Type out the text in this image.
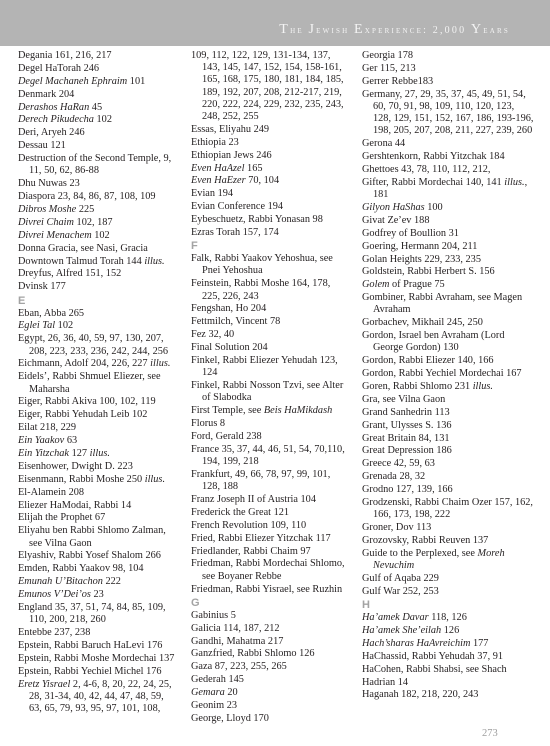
The Jewish Experience: 2,000 Years
Degania 161, 216, 217
Degel HaTorah 246
Degel Machaneh Ephraim 101
Denmark 204
Derashos HaRan 45
Derech Pikudecha 102
Deri, Aryeh 246
Dessau 121
Destruction of the Second Temple, 9, 11, 50, 62, 86-88
Dhu Nuwas 23
Diaspora 23, 84, 86, 87, 108, 109
Dibros Moshe 225
Divrei Chaim 102, 187
Divrei Menachem 102
Donna Gracia, see Nasi, Gracia
Downtown Talmud Torah 144 illus.
Dreyfus, Alfred 151, 152
Dvinsk 177
E
Eban, Abba 265
Eglei Tal 102
Egypt, 26, 36, 40, 59, 97, 130, 207, 208, 223, 233, 236, 242, 244, 256
Eichmann, Adolf 204, 226, 227 illus.
Eidels’, Rabbi Shmuel Eliezer, see Maharsha
Eiger, Rabbi Akiva 100, 102, 119
Eiger, Rabbi Yehudah Leib 102
Eilat 218, 229
Ein Yaakov 63
Ein Yitzchak 127 illus.
Eisenhower, Dwight D. 223
Eisenmann, Rabbi Moshe 250 illus.
El-Alamein 208
Eliezer HaModai, Rabbi 14
Elijah the Prophet 67
Eliyahu ben Rabbi Shlomo Zalman, see Vilna Gaon
Elyashiv, Rabbi Yosef Shalom 266
Emden, Rabbi Yaakov 98, 104
Emunah U’Bitachon 222
Emunos V’Dei’os 23
England 35, 37, 51, 74, 84, 85, 109, 110, 200, 218, 260
Entebbe 237, 238
Epstein, Rabbi Baruch HaLevi 176
Epstein, Rabbi Moshe Mordechai 137
Epstein, Rabbi Yechiel Michel 176
Eretz Yisrael 2, 4-6, 8, 20, 22, 24, 25, 28, 31-34, 40, 42, 44, 47, 48, 59, 63, 65, 79, 93, 95, 97, 101, 108,
109, 112, 122, 129, 131-134, 137, 143, 145, 147, 152, 154, 158-161, 165, 168, 175, 180, 181, 184, 185, 189, 192, 207, 208, 212-217, 219, 220, 222, 224, 229, 232, 235, 243, 248, 252, 255
Essas, Eliyahu 249
Ethiopia 23
Ethiopian Jews 246
Even HaAzel 165
Even HaEzer 70, 104
Evian 194
Evian Conference 194
Eybeschuetz, Rabbi Yonasan 98
Ezras Torah 157, 174
F
Falk, Rabbi Yaakov Yehoshua, see Pnei Yehoshua
Feinstein, Rabbi Moshe 164, 178, 225, 226, 243
Fengshan, Ho 204
Fettmilch, Vincent 78
Fez 32, 40
Final Solution 204
Finkel, Rabbi Eliezer Yehudah 123, 124
Finkel, Rabbi Nosson Tzvi, see Alter of Slabodka
First Temple, see Beis HaMikdash
Florus 8
Ford, Gerald 238
France 35, 37, 44, 46, 51, 54, 70,110, 194, 199, 218
Frankfurt, 49, 66, 78, 97, 99, 101, 128, 188
Franz Joseph II of Austria 104
Frederick the Great 121
French Revolution 109, 110
Fried, Rabbi Eliezer Yitzchak 117
Friedlander, Rabbi Chaim 97
Friedman, Rabbi Mordechai Shlomo, see Boyaner Rebbe
Friedman, Rabbi Yisrael, see Ruzhin
G
Gabinius 5
Galicia 114, 187, 212
Gandhi, Mahatma 217
Ganzfried, Rabbi Shlomo 126
Gaza 87, 223, 255, 265
Gederah 145
Gemara 20
Geonim 23
George, Lloyd 170
Georgia 178
Ger 115, 213
Gerrer Rebbe183
Germany, 27, 29, 35, 37, 45, 49, 51, 54, 60, 70, 91, 98, 109, 110, 120, 123, 128, 129, 151, 152, 167, 186, 193-196, 198, 205, 207, 208, 211, 227, 239, 260
Gerona 44
Gershtenkorn, Rabbi Yitzchak 184
Ghettoes 43, 78, 110, 112, 212,
Gifter, Rabbi Mordechai 140, 141 illus., 181
Gilyon HaShas 100
Givat Ze’ev 188
Godfrey of Boullion 31
Goering, Hermann 204, 211
Golan Heights 229, 233, 235
Goldstein, Rabbi Herbert S. 156
Golem of Prague 75
Gombiner, Rabbi Avraham, see Magen Avraham
Gorbachev, Mikhail 245, 250
Gordon, Israel ben Avraham (Lord George Gordon) 130
Gordon, Rabbi Eliezer 140, 166
Gordon, Rabbi Yechiel Mordechai 167
Goren, Rabbi Shlomo 231 illus.
Gra, see Vilna Gaon
Grand Sanhedrin 113
Grant, Ulysses S. 136
Great Britain 84, 131
Great Depression 186
Greece 42, 59, 63
Grenada 28, 32
Grodno 127, 139, 166
Grodzenski, Rabbi Chaim Ozer 157, 162, 166, 173, 198, 222
Groner, Dov 113
Grozovsky, Rabbi Reuven 137
Guide to the Perplexed, see Moreh Nevuchim
Gulf of Aqaba 229
Gulf War 252, 253
H
Ha’amek Davar 118, 126
Ha’amek She’eilah 126
Hach’sharas HaAvreichim 177
HaChassid, Rabbi Yehudah 37, 91
HaCohen, Rabbi Shabsi, see Shach
Hadrian 14
Haganah 182, 218, 220, 243
273
